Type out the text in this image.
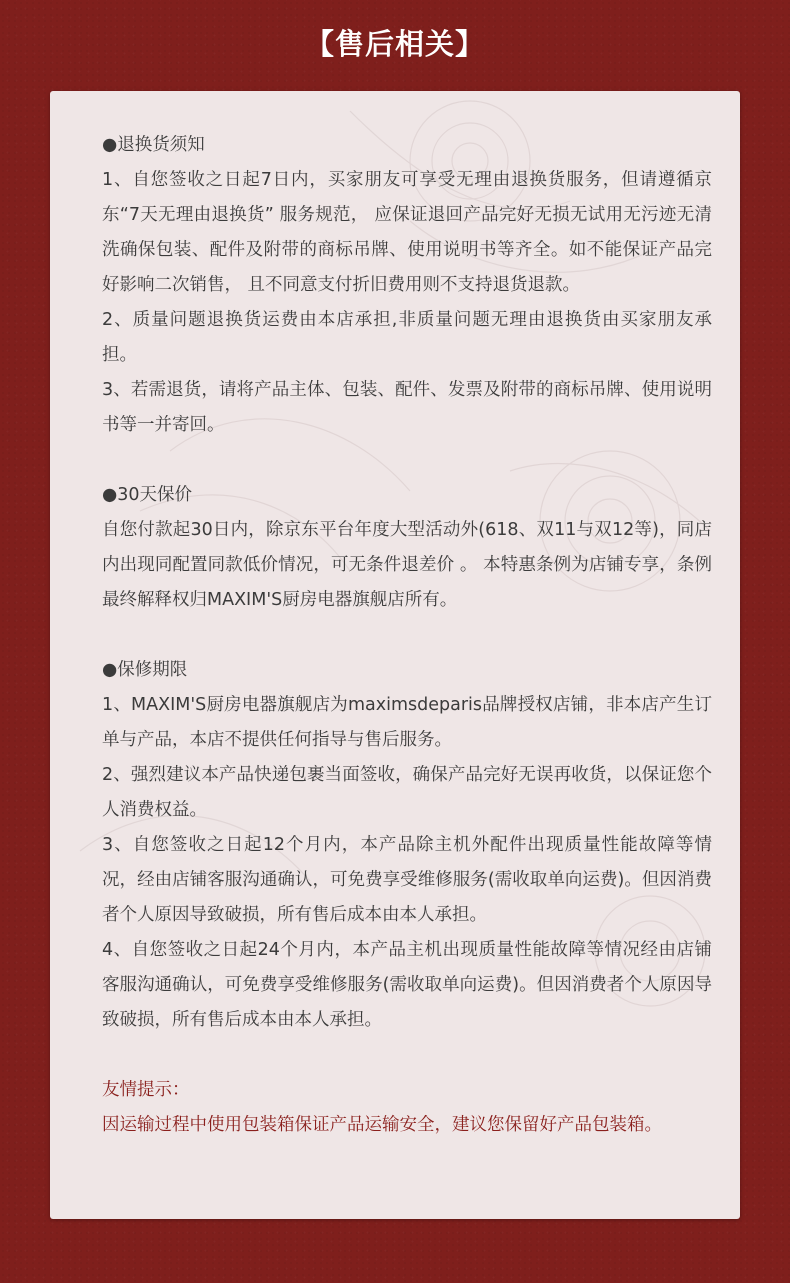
【售后相关】

●退换货须知

1、自您签收之日起7日内，买家朋友可享受无理由退换货服务，但请遵循京东“7天无理由退换货” 服务规范， 应保证退回产品完好无损无试用无污迹无清洗确保包装、配件及附带的商标吊牌、使用说明书等齐全。如不能保证产品完好影响二次销售， 且不同意支付折旧费用则不支持退货退款。

2、质量问题退换货运费由本店承担,非质量问题无理由退换货由买家朋友承担。

3、若需退货，请将产品主体、包装、配件、发票及附带的商标吊牌、使用说明书等一并寄回。

●30天保价

自您付款起30日内，除京东平台年度大型活动外(618、双11与双12等)，同店内出现同配置同款低价情况，可无条件退差价 。 本特惠条例为店铺专享，条例最终解释权归MAXIM'S厨房电器旗舰店所有。

●保修期限

1、MAXIM'S厨房电器旗舰店为maximsdeparis品牌授权店铺，非本店产生订单与产品，本店不提供任何指导与售后服务。

2、强烈建议本产品快递包裹当面签收，确保产品完好无误再收货，以保证您个人消费权益。

3、自您签收之日起12个月内，本产品除主机外配件出现质量性能故障等情况，经由店铺客服沟通确认，可免费享受维修服务(需收取单向运费)。但因消费者个人原因导致破损，所有售后成本由本人承担。

4、自您签收之日起24个月内，本产品主机出现质量性能故障等情况经由店铺客服沟通确认，可免费享受维修服务(需收取单向运费)。但因消费者个人原因导致破损，所有售后成本由本人承担。

友情提示：

因运输过程中使用包装箱保证产品运输安全，建议您保留好产品包装箱。
